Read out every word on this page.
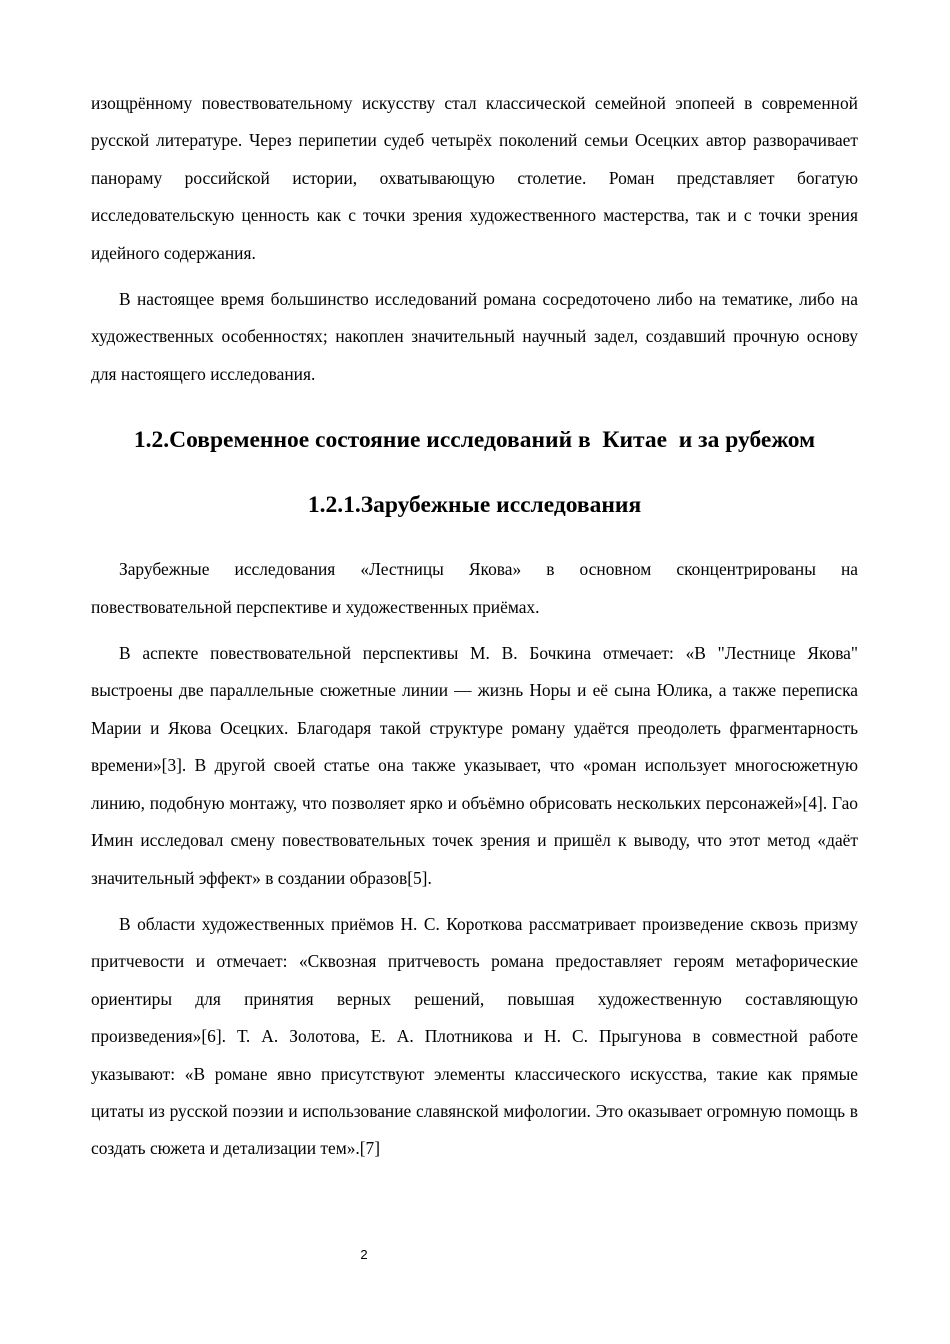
изощрённому повествовательному искусству стал классической семейной эпопеей в современной русской литературе. Через перипетии судеб четырёх поколений семьи Осецких автор разворачивает панораму российской истории, охватывающую столетие. Роман представляет богатую исследовательскую ценность как с точки зрения художественного мастерства, так и с точки зрения идейного содержания.

В настоящее время большинство исследований романа сосредоточено либо на тематике, либо на художественных особенностях; накоплен значительный научный задел, создавший прочную основу для настоящего исследования.

1.2.Современное состояние исследований в  Китае  и за рубежом
1.2.1.Зарубежные исследования

Зарубежные исследования «Лестницы Якова» в основном сконцентрированы на повествовательной перспективе и художественных приёмах.

В аспекте повествовательной перспективы М. В. Бочкина отмечает: «В "Лестнице Якова" выстроены две параллельные сюжетные линии — жизнь Норы и её сына Юлика, а также переписка Марии и Якова Осецких. Благодаря такой структуре роману удаётся преодолеть фрагментарность времени»[3]. В другой своей статье она также указывает, что «роман использует многосюжетную линию, подобную монтажу, что позволяет ярко и объёмно обрисовать нескольких персонажей»[4]. Гао Имин исследовал смену повествовательных точек зрения и пришёл к выводу, что этот метод «даёт значительный эффект» в создании образов[5].

В области художественных приёмов Н. С. Короткова рассматривает произведение сквозь призму притчевости и отмечает: «Сквозная притчевость романа предоставляет героям метафорические ориентиры для принятия верных решений, повышая художественную составляющую произведения»[6]. Т. А. Золотова, Е. А. Плотникова и Н. С. Прыгунова в совместной работе указывают: «В романе явно присутствуют элементы классического искусства, такие как прямые цитаты из русской поэзии и использование славянской мифологии. Это оказывает огромную помощь в создать сюжета и детализации тем».[7]

2
